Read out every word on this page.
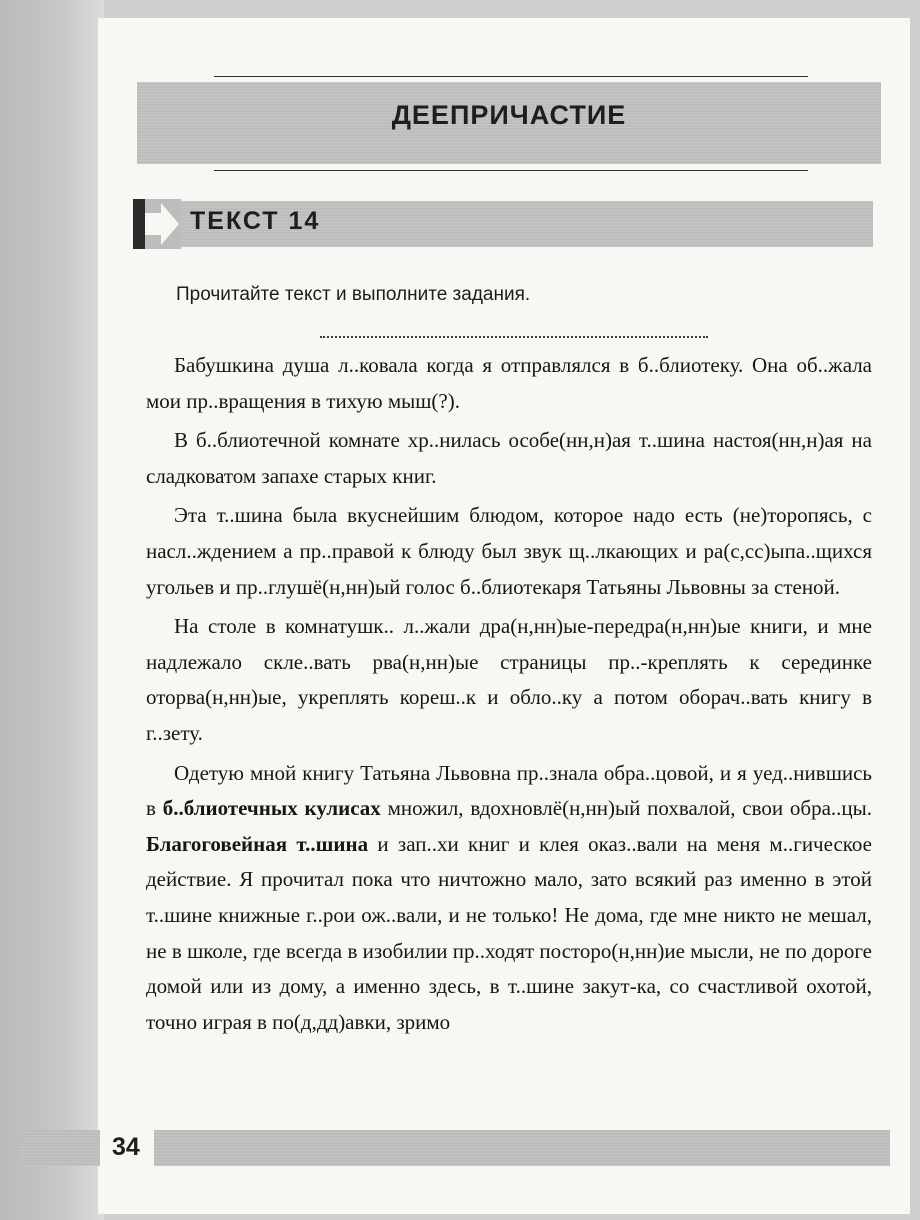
ДЕЕПРИЧАСТИЕ
ТЕКСТ 14
Прочитайте текст и выполните задания.

Бабушкина душа л..ковала когда я отправлялся в б..блиотеку. Она об..жала мои пр..вращения в тихую мыш(?).

В б..блиотечной комнате хр..нилась особе(нн,н)ая т..шина настоя(нн,н)ая на сладковатом запахе старых книг.

Эта т..шина была вкуснейшим блюдом, которое надо есть (не)торопясь, с насл..ждением а пр..правой к блюду был звук щ..лкающих и ра(с,сс)ыпа..щихся угольев и пр..глушё(н,нн)ый голос б..блиотекаря Татьяны Львовны за стеной.

На столе в комнатушк.. л..жали дра(н,нн)ые-передра(н,нн)ые книги, и мне надлежало скле..вать рва(н,нн)ые страницы пр..-креплять к серединке оторва(н,нн)ые, укреплять кореш..к и обло..ку а потом оборач..вать книгу в г..зету.

Одетую мной книгу Татьяна Львовна пр..знала обра..цовой, и я уед..нившись в б..блиотечных кулисах множил, вдохновлё(н,нн)ый похвалой, свои обра..цы. Благоговейная т..шина и зап..хи книг и клея оказ..вали на меня м..гическое действие. Я прочитал пока что ничтожно мало, зато всякий раз именно в этой т..шине книжные г..рои ож..вали, и не только! Не дома, где мне никто не мешал, не в школе, где всегда в изобилии пр..ходят посторо(н,нн)ие мысли, не по дороге домой или из дому, а именно здесь, в т..шине закут-ка, со счастливой охотой, точно играя в по(д,дд)авки, зримо

34
